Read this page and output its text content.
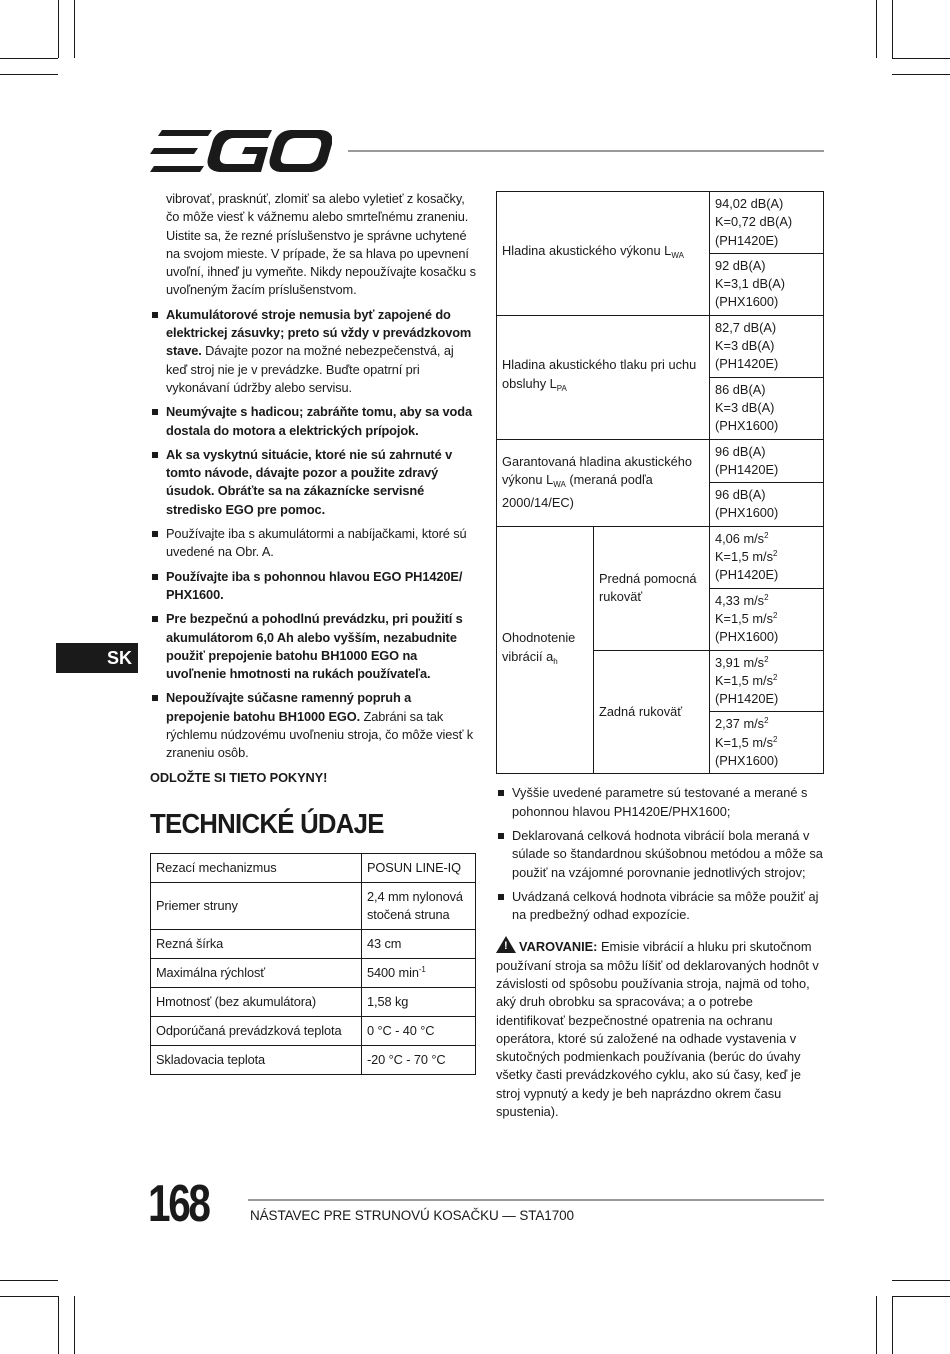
SK

vibrovať, prasknúť, zlomiť sa alebo vyletieť z kosačky, čo môže viesť k vážnemu alebo smrteľnému zraneniu. Uistite sa, že rezné príslušenstvo je správne uchytené na svojom mieste. V prípade, že sa hlava po upevnení uvoľní, ihneď ju vymeňte. Nikdy nepoužívajte kosačku s uvoľneným žacím príslušenstvom.

Akumulátorové stroje nemusia byť zapojené do elektrickej zásuvky; preto sú vždy v prevádzkovom stave. Dávajte pozor na možné nebezpečenstvá, aj keď stroj nie je v prevádzke. Buďte opatrní pri vykonávaní údržby alebo servisu.

Neumývajte s hadicou; zabráňte tomu, aby sa voda dostala do motora a elektrických prípojok.

Ak sa vyskytnú situácie, ktoré nie sú zahrnuté v tomto návode, dávajte pozor a použite zdravý úsudok. Obráťte sa na zákaznícke servisné stredisko EGO pre pomoc.

Používajte iba s akumulátormi a nabíjačkami, ktoré sú uvedené na Obr. A.

Používajte iba s pohonnou hlavou EGO PH1420E/ PHX1600.

Pre bezpečnú a pohodlnú prevádzku, pri použití s akumulátorom 6,0 Ah alebo vyšším, nezabudnite použiť prepojenie batohu BH1000 EGO na uvoľnenie hmotnosti na rukách používateľa.

Nepoužívajte súčasne ramenný popruh a prepojenie batohu BH1000 EGO. Zabráni sa tak rýchlemu núdzovému uvoľneniu stroja, čo môže viesť k zraneniu osôb.

ODLOŽTE SI TIETO POKYNY!

TECHNICKÉ ÚDAJE

Rezací mechanizmus	POSUN LINE-IQ
Priemer struny	2,4 mm nylonová stočená struna
Rezná šírka	43 cm
Maximálna rýchlosť	5400 $\min^{-1}$
Hmotnosť (bez akumulátora)	1,58 kg
Odporúčaná prevádzková teplota	0 °C - 40 °C
Skladovacia teplota	-20 °C - 70 °C
Hladina akustického výkonu $L_{WA}$		94,02 dB(A)
K=0,72 dB(A)
(PH1420E)
		92 dB(A)
K=3,1 dB(A)
(PHX1600)
Hladina akustického tlaku pri uchu obsluhy $L_{PA}$		82,7 dB(A)
K=3 dB(A)
(PH1420E)
		86 dB(A)
K=3 dB(A)
(PHX1600)
Garantovaná hladina akustického výkonu $L_{WA}$ (meraná podľa 2000/14/EC)		96 dB(A)
(PH1420E)
		96 dB(A)
(PHX1600)
Ohodnotenie vibrácií $a_h$	Predná pomocná rukoväť	4,06 $m/s^2$
K=1,5 $m/s^2$
(PH1420E)
		4,33 $m/s^2$
K=1,5 $m/s^2$
(PHX1600)
	Zadná rukoväť	3,91 $m/s^2$
K=1,5 $m/s^2$
(PH1420E)
		2,37 $m/s^2$
K=1,5 $m/s^2$
(PHX1600)

Vyššie uvedené parametre sú testované a merané s pohonnou hlavou PH1420E/PHX1600;

Deklarovaná celková hodnota vibrácií bola meraná v súlade so štandardnou skúšobnou metódou a môže sa použiť na vzájomné porovnanie jednotlivých strojov;

Uvádzaná celková hodnota vibrácie sa môže použiť aj na predbežný odhad expozície.

! VAROVANIE: Emisie vibrácií a hluku pri skutočnom používaní stroja sa môžu líšiť od deklarovaných hodnôt v závislosti od spôsobu používania stroja, najmä od toho, aký druh obrobku sa spracováva; a o potrebe identifikovať bezpečnostné opatrenia na ochranu operátora, ktoré sú založené na odhade vystavenia v skutočných podmienkach používania (berúc do úvahy všetky časti prevádzkového cyklu, ako sú časy, keď je stroj vypnutý a kedy je beh naprázdno okrem času spustenia).

168	NÁSTAVEC PRE STRUNOVÚ KOSAČKU — STA1700
